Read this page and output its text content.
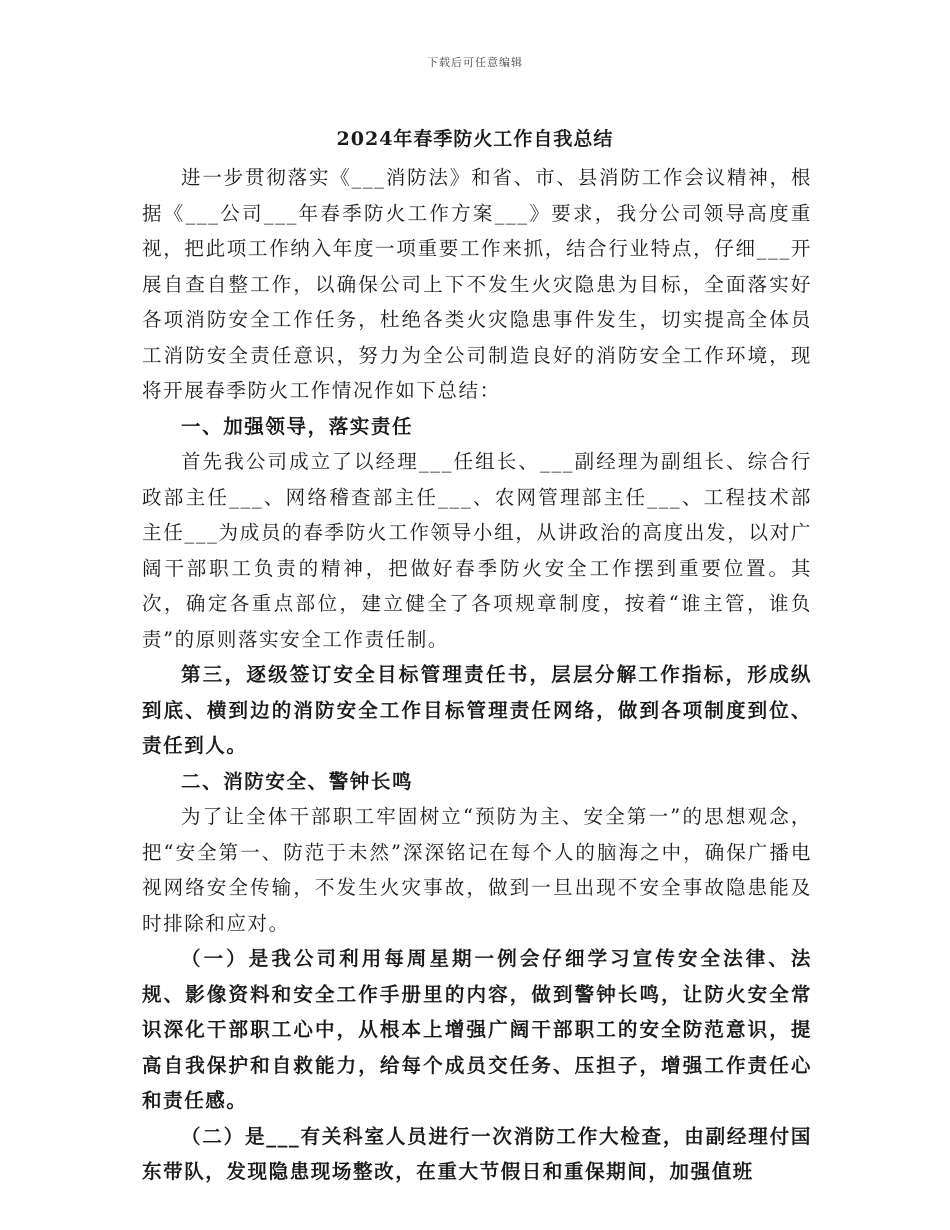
下载后可任意编辑
2024年春季防火工作自我总结

进一步贯彻落实《___消防法》和省、市、县消防工作会议精神，根据《___公司___年春季防火工作方案___》要求，我分公司领导高度重视，把此项工作纳入年度一项重要工作来抓，结合行业特点，仔细___开展自查自整工作，以确保公司上下不发生火灾隐患为目标，全面落实好各项消防安全工作任务，杜绝各类火灾隐患事件发生，切实提高全体员工消防安全责任意识，努力为全公司制造良好的消防安全工作环境，现将开展春季防火工作情况作如下总结：

一、加强领导，落实责任

首先我公司成立了以经理___任组长、___副经理为副组长、综合行政部主任___、网络稽查部主任___、农网管理部主任___、工程技术部主任___为成员的春季防火工作领导小组，从讲政治的高度出发，以对广阔干部职工负责的精神，把做好春季防火安全工作摆到重要位置。其次，确定各重点部位，建立健全了各项规章制度，按着“谁主管，谁负责”的原则落实安全工作责任制。

第三，逐级签订安全目标管理责任书，层层分解工作指标，形成纵到底、横到边的消防安全工作目标管理责任网络，做到各项制度到位、责任到人。

二、消防安全、警钟长鸣

为了让全体干部职工牢固树立“预防为主、安全第一”的思想观念，把“安全第一、防范于未然”深深铭记在每个人的脑海之中，确保广播电视网络安全传输，不发生火灾事故，做到一旦出现不安全事故隐患能及时排除和应对。

（一）是我公司利用每周星期一例会仔细学习宣传安全法律、法规、影像资料和安全工作手册里的内容，做到警钟长鸣，让防火安全常识深化干部职工心中，从根本上增强广阔干部职工的安全防范意识，提高自我保护和自救能力，给每个成员交任务、压担子，增强工作责任心和责任感。

（二）是___有关科室人员进行一次消防工作大检查，由副经理付国东带队，发现隐患现场整改，在重大节假日和重保期间，加强值班
